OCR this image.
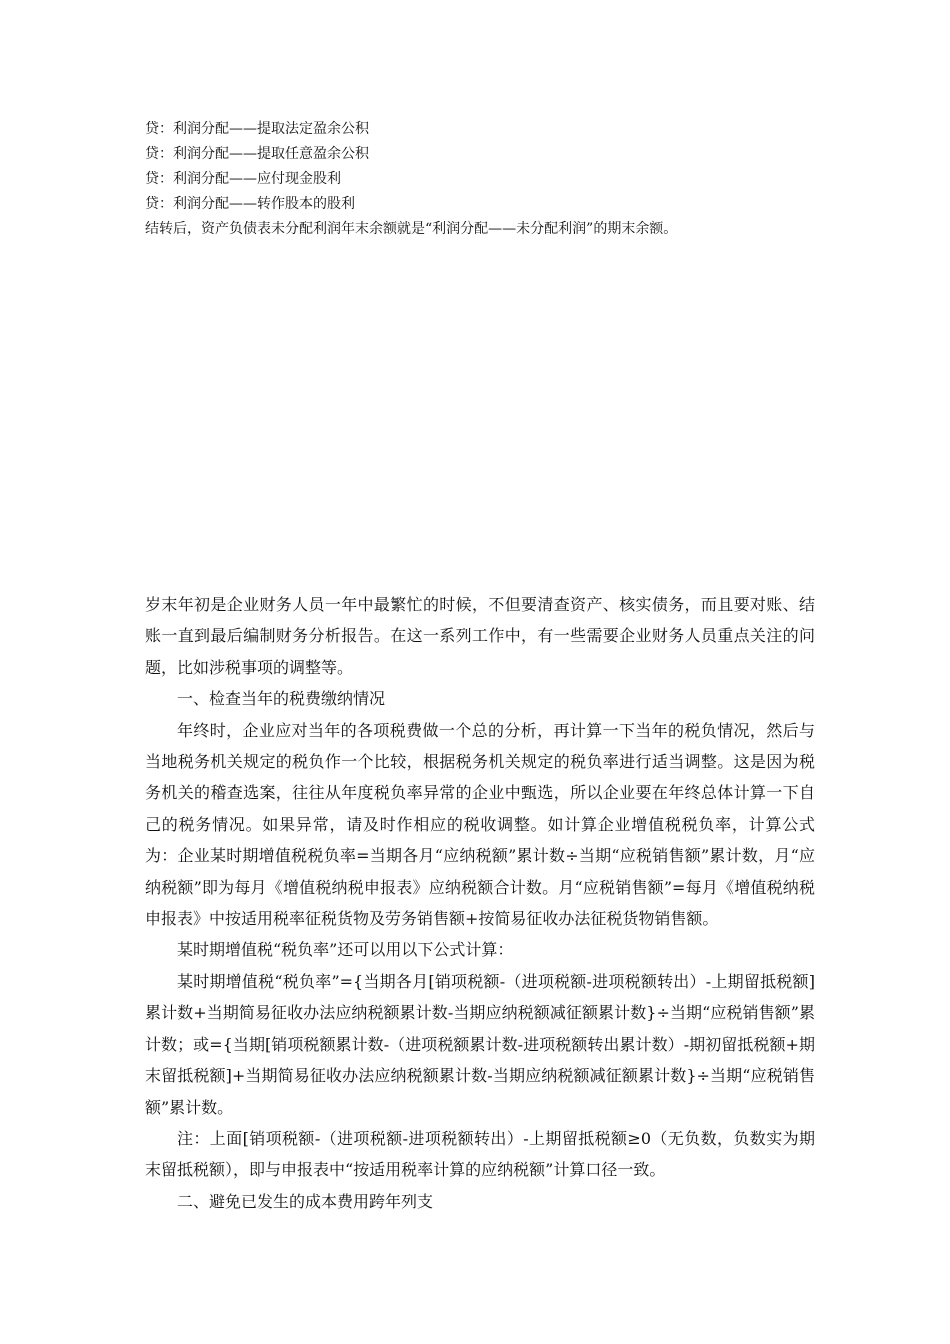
贷：利润分配——提取法定盈余公积
贷：利润分配——提取任意盈余公积
贷：利润分配——应付现金股利
贷：利润分配——转作股本的股利
结转后，资产负债表未分配利润年末余额就是“利润分配——未分配利润”的期末余额。

岁末年初是企业财务人员一年中最繁忙的时候，不但要清查资产、核实债务，而且要对账、结账一直到最后编制财务分析报告。在这一系列工作中，有一些需要企业财务人员重点关注的问题，比如涉税事项的调整等。

一、检查当年的税费缴纳情况

年终时，企业应对当年的各项税费做一个总的分析，再计算一下当年的税负情况，然后与当地税务机关规定的税负作一个比较，根据税务机关规定的税负率进行适当调整。这是因为税务机关的稽查选案，往往从年度税负率异常的企业中甄选，所以企业要在年终总体计算一下自己的税务情况。如果异常，请及时作相应的税收调整。如计算企业增值税税负率，计算公式为：企业某时期增值税税负率=当期各月“应纳税额”累计数÷当期“应税销售额”累计数，月“应纳税额”即为每月《增值税纳税申报表》应纳税额合计数。月“应税销售额”=每月《增值税纳税申报表》中按适用税率征税货物及劳务销售额+按简易征收办法征税货物销售额。

某时期增值税“税负率”还可以用以下公式计算：

某时期增值税“税负率”={当期各月[销项税额-（进项税额-进项税额转出）-上期留抵税额]累计数+当期简易征收办法应纳税额累计数-当期应纳税额减征额累计数}÷当期“应税销售额”累计数；或={当期[销项税额累计数-（进项税额累计数-进项税额转出累计数）-期初留抵税额+期末留抵税额]+当期简易征收办法应纳税额累计数-当期应纳税额减征额累计数}÷当期“应税销售额”累计数。

注：上面[销项税额-（进项税额-进项税额转出）-上期留抵税额≥0（无负数，负数实为期末留抵税额），即与申报表中“按适用税率计算的应纳税额”计算口径一致。

二、避免已发生的成本费用跨年列支
